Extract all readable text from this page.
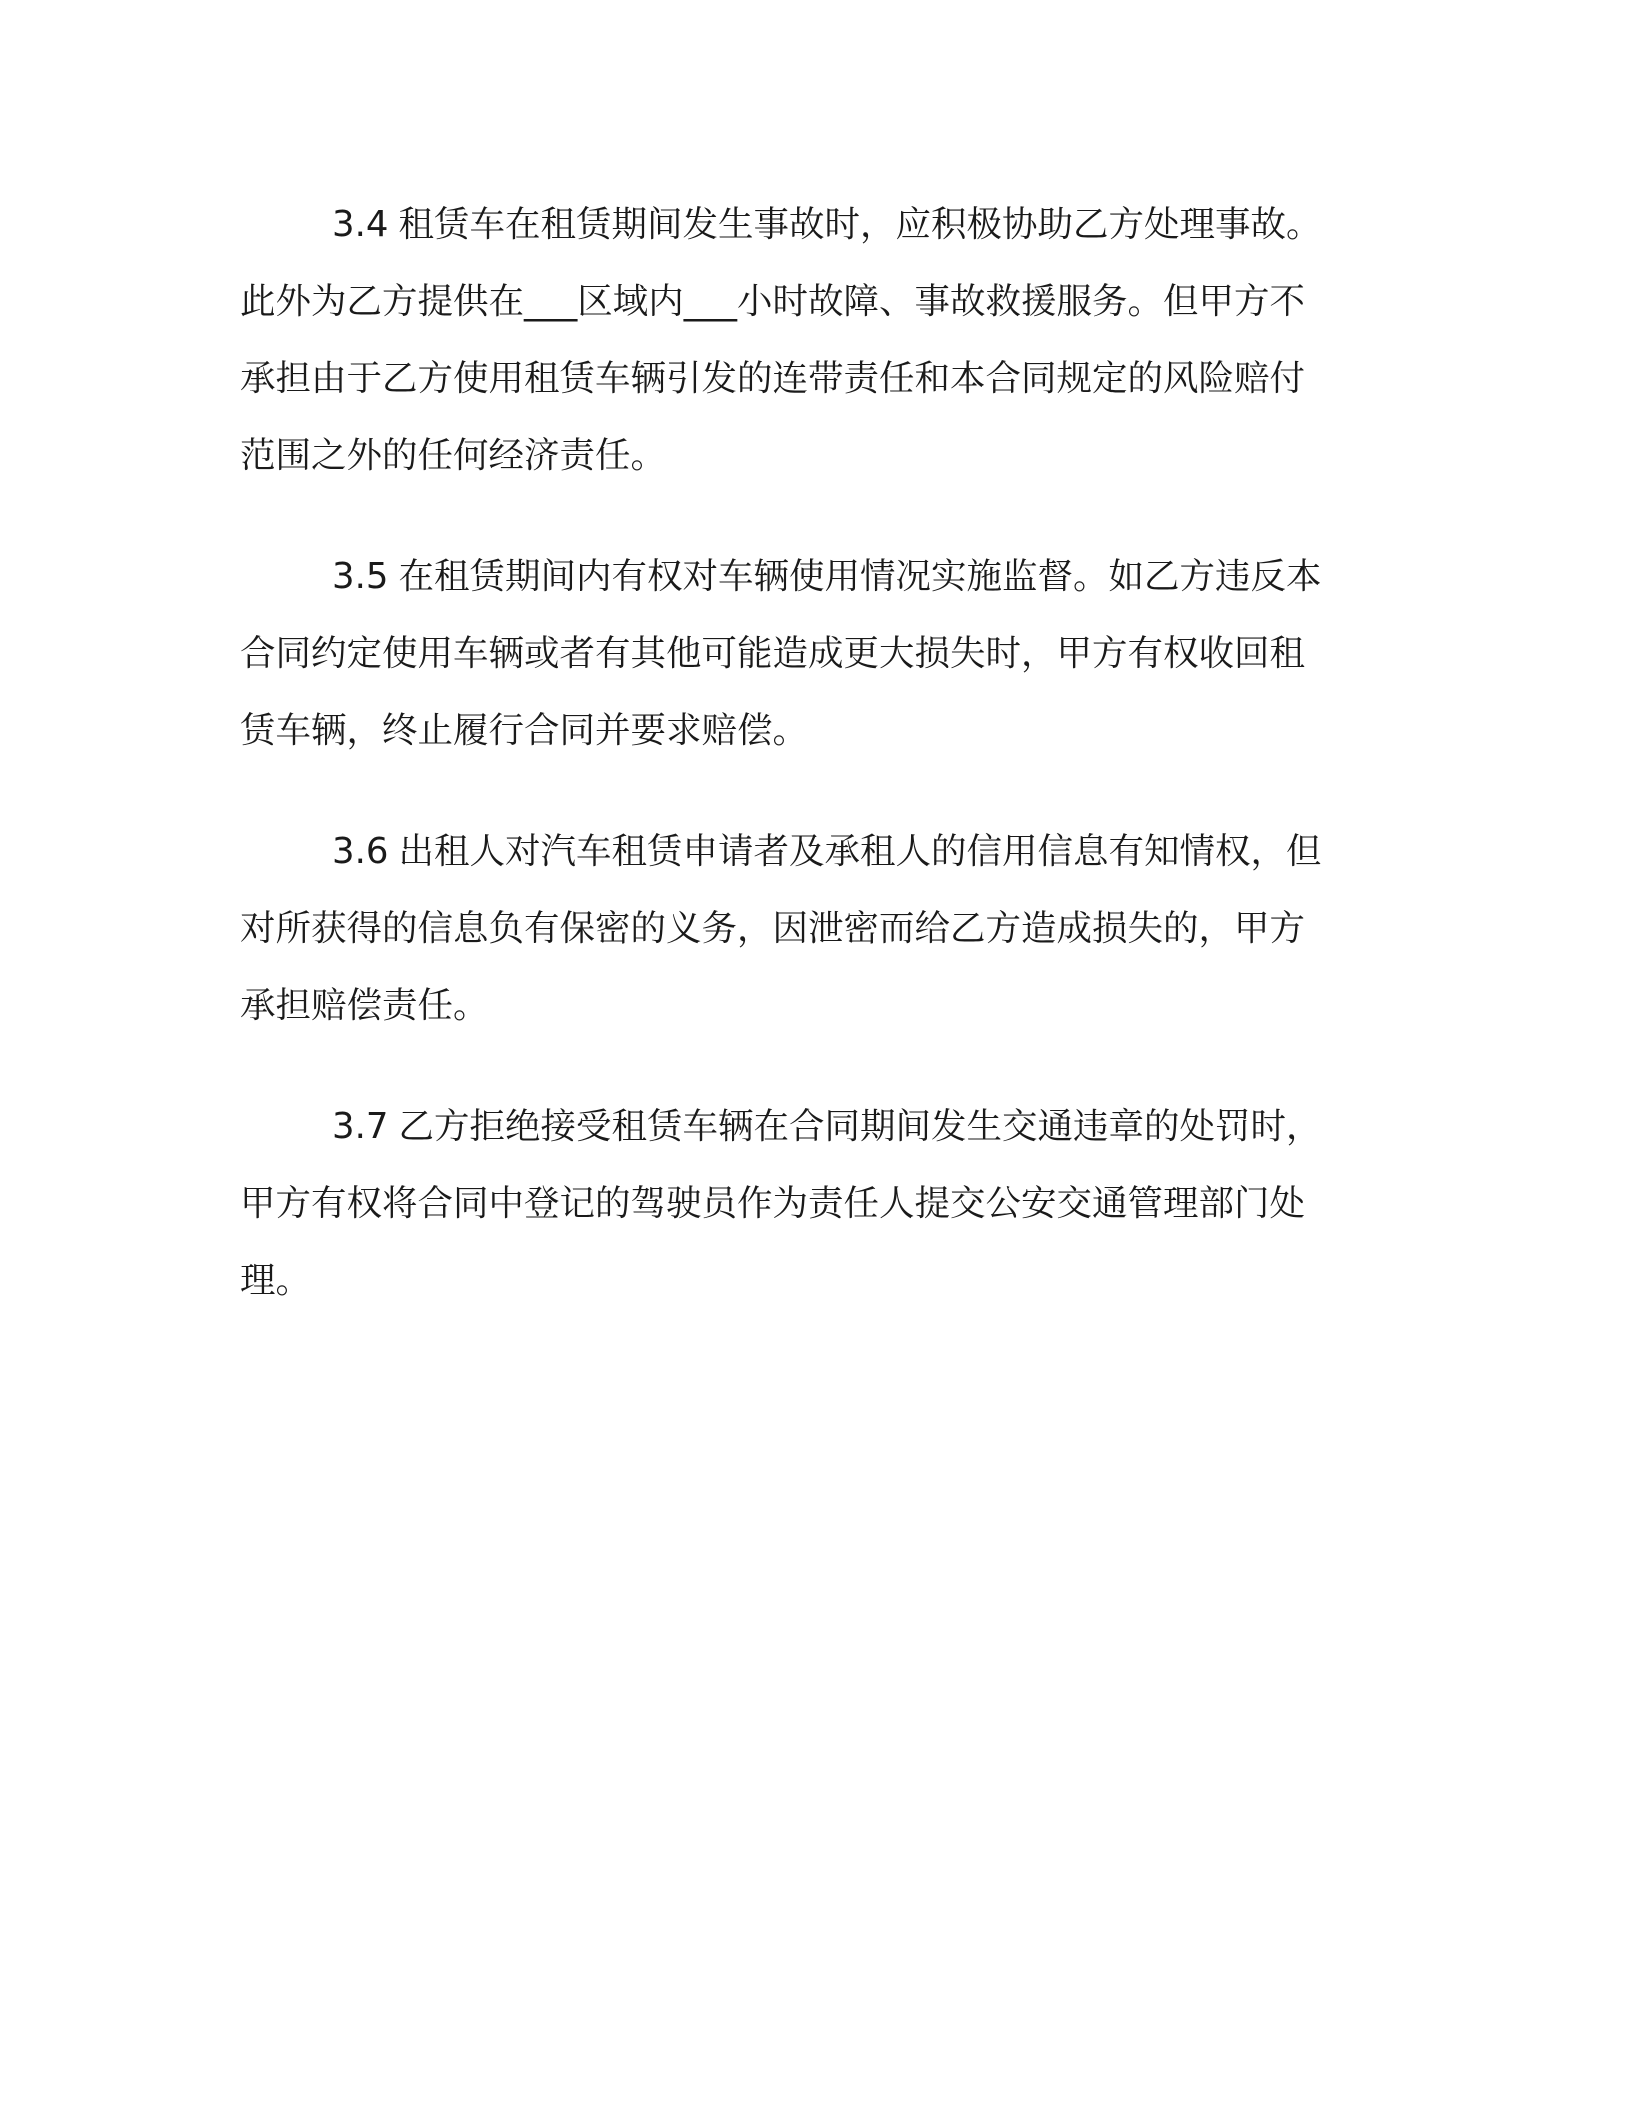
3.4 租赁车在租赁期间发生事故时，应积极协助乙方处理事故。
此外为乙方提供在___区域内___小时故障、事故救援服务。但甲方不
承担由于乙方使用租赁车辆引发的连带责任和本合同规定的风险赔付
范围之外的任何经济责任。

3.5 在租赁期间内有权对车辆使用情况实施监督。如乙方违反本
合同约定使用车辆或者有其他可能造成更大损失时，甲方有权收回租
赁车辆，终止履行合同并要求赔偿。

3.6 出租人对汽车租赁申请者及承租人的信用信息有知情权，但
对所获得的信息负有保密的义务，因泄密而给乙方造成损失的，甲方
承担赔偿责任。

3.7 乙方拒绝接受租赁车辆在合同期间发生交通违章的处罚时，
甲方有权将合同中登记的驾驶员作为责任人提交公安交通管理部门处
理。
